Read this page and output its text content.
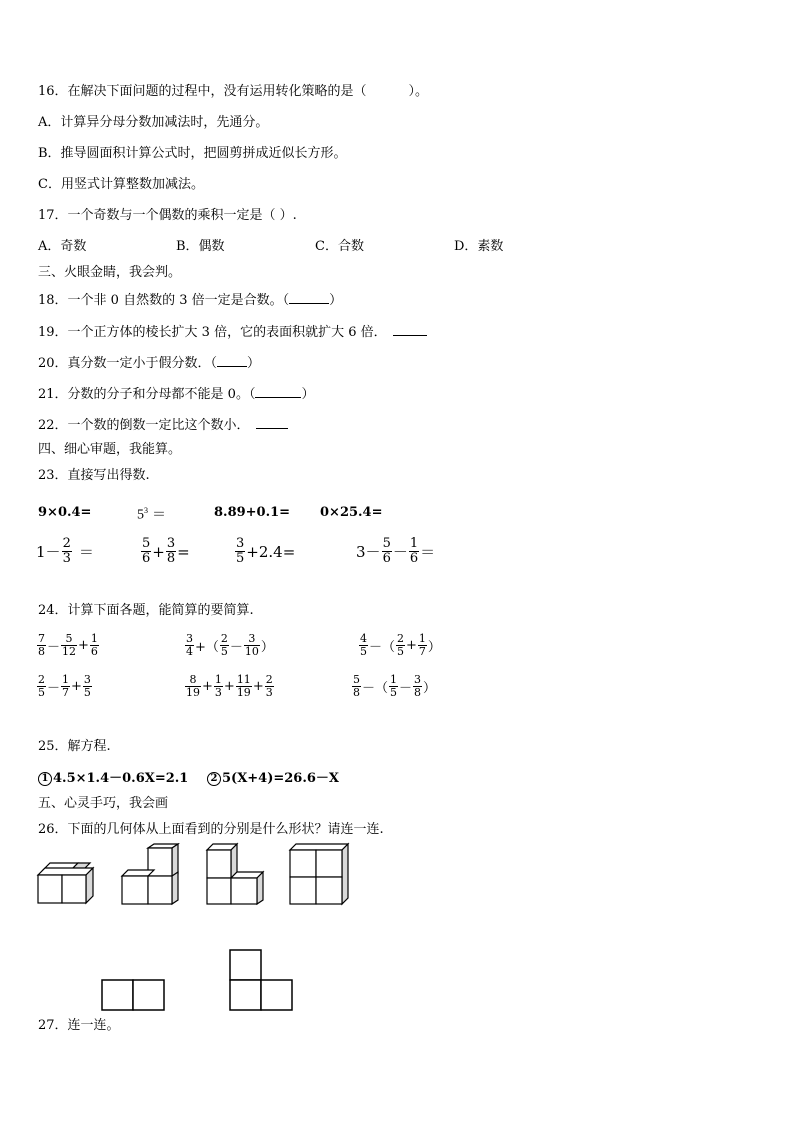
16．在解决下面问题的过程中，没有运用转化策略的是（	）。
A．计算异分母分数加减法时，先通分。
B．推导圆面积计算公式时，把圆剪拼成近似长方形。
C．用竖式计算整数加减法。
17．一个奇数与一个偶数的乘积一定是（ ）.
A．奇数	B．偶数	C．合数	D．素数
三、火眼金睛，我会判。
18．一个非 0 自然数的 3 倍一定是合数。（	）
19．一个正方体的棱长扩大 3 倍，它的表面积就扩大 6 倍．
20．真分数一定小于假分数．（ ）
21．分数的分子和分母都不能是 0。（	）
22．一个数的倒数一定比这个数小．
四、细心审题，我能算。
23．直接写出得数.
9×0.4=	$5^3$ ＝	8.89+0.1= 0×25.4=
$1 - \frac{2}{3}$ ＝	$\frac{5}{6} + \frac{3}{8}$ =	$\frac{3}{5} +2.4=$	$3 - \frac{5}{6} - \frac{1}{6}$ ＝
24．计算下面各题，能简算的要简算.
$\frac{7}{8} - \frac{5}{12} + \frac{1}{6}$	$\frac{3}{4}$ +（ $\frac{2}{5} - \frac{3}{10}$ ）	$\frac{4}{5}$ －（ $\frac{2}{5} + \frac{1}{7}$ ）
$\frac{2}{5} - \frac{1}{7} + \frac{3}{5}$	$\frac{8}{19} + \frac{1}{3} + \frac{11}{19} + \frac{2}{3}$	$\frac{5}{8}$ －（ $\frac{1}{5} - \frac{3}{8}$ ）
25．解方程.
1 4.5×1.4－0.6X=2.1	2 5(X+4)=26.6－X
五、心灵手巧，我会画
26．下面的几何体从上面看到的分别是什么形状？请连一连.
27．连一连。
